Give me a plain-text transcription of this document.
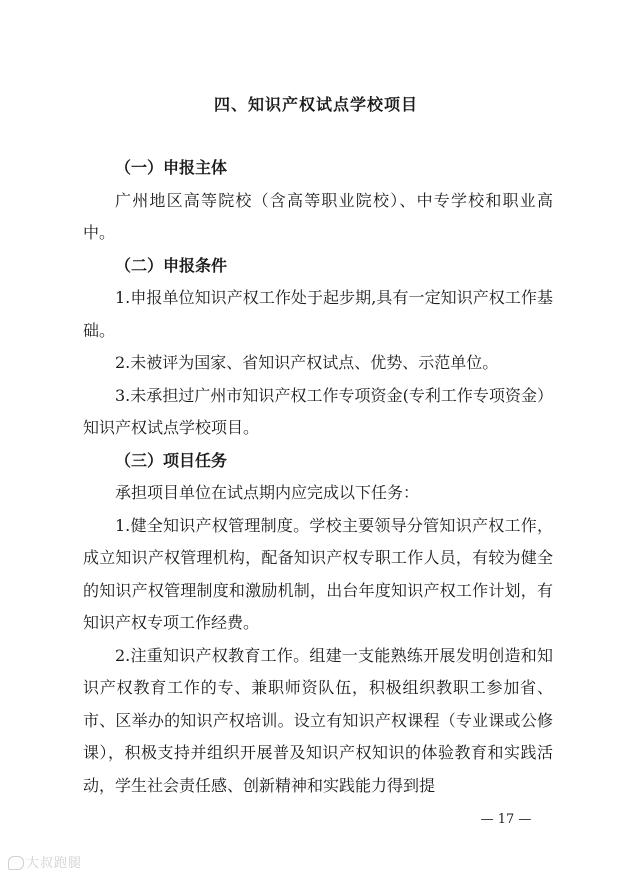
四、知识产权试点学校项目

（一）申报主体

广州地区高等院校（含高等职业院校）、中专学校和职业高中。

（二）申报条件

1.申报单位知识产权工作处于起步期,具有一定知识产权工作基础。

2.未被评为国家、省知识产权试点、优势、示范单位。

3.未承担过广州市知识产权工作专项资金(专利工作专项资金）知识产权试点学校项目。

（三）项目任务

承担项目单位在试点期内应完成以下任务：

1.健全知识产权管理制度。学校主要领导分管知识产权工作，成立知识产权管理机构，配备知识产权专职工作人员，有较为健全的知识产权管理制度和激励机制，出台年度知识产权工作计划，有知识产权专项工作经费。

2.注重知识产权教育工作。组建一支能熟练开展发明创造和知识产权教育工作的专、兼职师资队伍，积极组织教职工参加省、市、区举办的知识产权培训。设立有知识产权课程（专业课或公修课），积极支持并组织开展普及知识产权知识的体验教育和实践活动，学生社会责任感、创新精神和实践能力得到提

— 17 —
大叔跑腿
